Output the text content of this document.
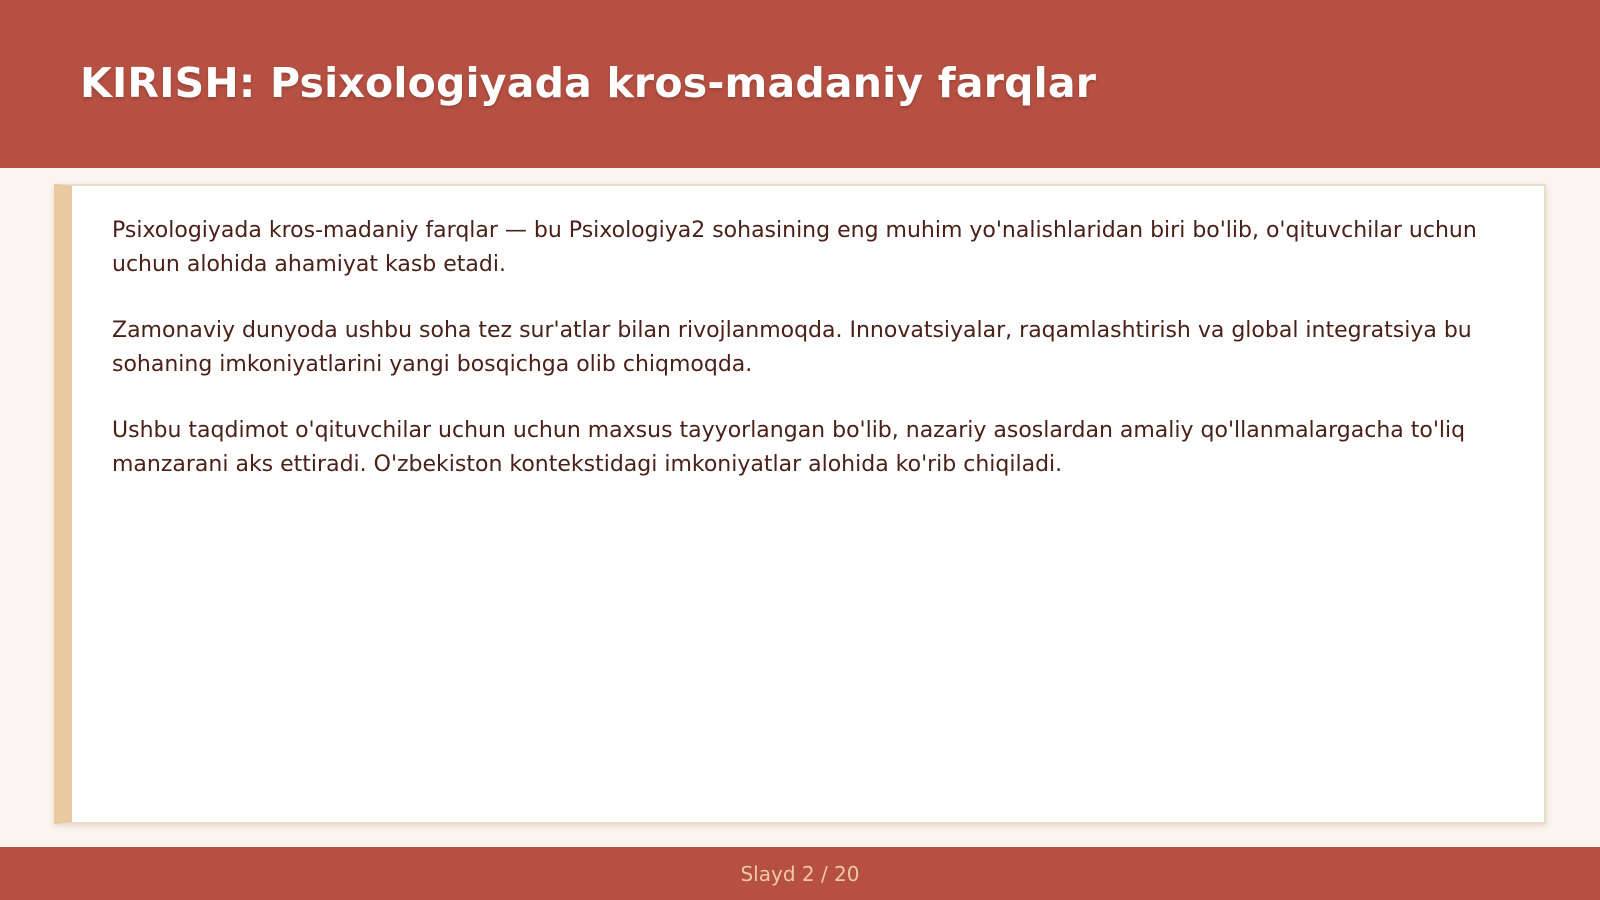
KIRISH: Psixologiyada kros-madaniy farqlar

Psixologiyada kros-madaniy farqlar — bu Psixologiya2 sohasining eng muhim yo'nalishlaridan biri bo'lib, o'qituvchilar uchun uchun alohida ahamiyat kasb etadi.

Zamonaviy dunyoda ushbu soha tez sur'atlar bilan rivojlanmoqda. Innovatsiyalar, raqamlashtirish va global integratsiya bu sohaning imkoniyatlarini yangi bosqichga olib chiqmoqda.

Ushbu taqdimot o'qituvchilar uchun uchun maxsus tayyorlangan bo'lib, nazariy asoslardan amaliy qo'llanmalargacha to'liq manzarani aks ettiradi. O'zbekiston kontekstidagi imkoniyatlar alohida ko'rib chiqiladi.

Slayd 2 / 20
